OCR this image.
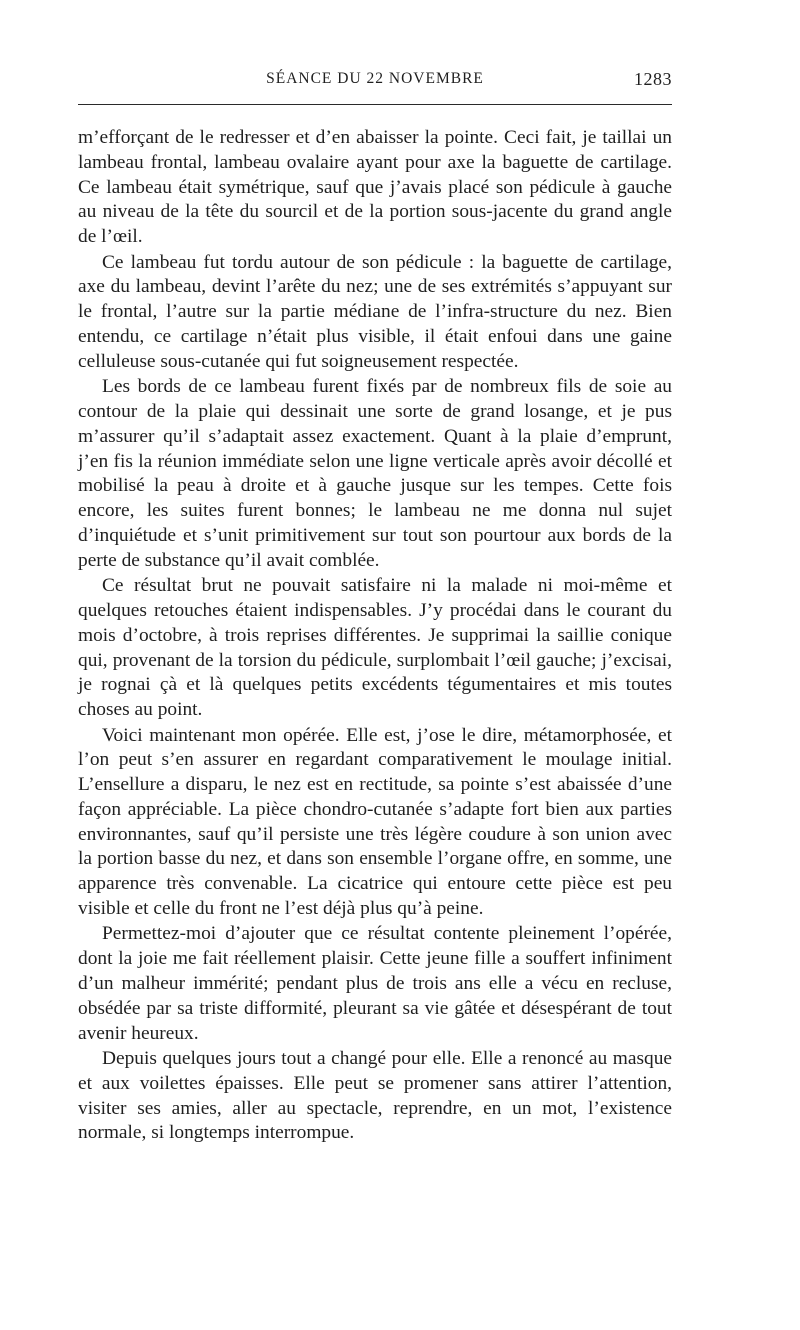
SÉANCE DU 22 NOVEMBRE	1283

m’efforçant de le redresser et d’en abaisser la pointe. Ceci fait, je taillai un lambeau frontal, lambeau ovalaire ayant pour axe la baguette de cartilage. Ce lambeau était symétrique, sauf que j’avais placé son pédicule à gauche au niveau de la tête du sourcil et de la portion sous-jacente du grand angle de l’œil.

Ce lambeau fut tordu autour de son pédicule : la baguette de cartilage, axe du lambeau, devint l’arête du nez; une de ses extrémités s’appuyant sur le frontal, l’autre sur la partie médiane de l’infra-structure du nez. Bien entendu, ce cartilage n’était plus visible, il était enfoui dans une gaine celluleuse sous-cutanée qui fut soigneusement respectée.

Les bords de ce lambeau furent fixés par de nombreux fils de soie au contour de la plaie qui dessinait une sorte de grand losange, et je pus m’assurer qu’il s’adaptait assez exactement. Quant à la plaie d’emprunt, j’en fis la réunion immédiate selon une ligne verticale après avoir décollé et mobilisé la peau à droite et à gauche jusque sur les tempes. Cette fois encore, les suites furent bonnes; le lambeau ne me donna nul sujet d’inquiétude et s’unit primitivement sur tout son pourtour aux bords de la perte de substance qu’il avait comblée.

Ce résultat brut ne pouvait satisfaire ni la malade ni moi-même et quelques retouches étaient indispensables. J’y procédai dans le courant du mois d’octobre, à trois reprises différentes. Je supprimai la saillie conique qui, provenant de la torsion du pédicule, surplombait l’œil gauche; j’excisai, je rognai çà et là quelques petits excédents tégumentaires et mis toutes choses au point.

Voici maintenant mon opérée. Elle est, j’ose le dire, métamorphosée, et l’on peut s’en assurer en regardant comparativement le moulage initial. L’ensellure a disparu, le nez est en rectitude, sa pointe s’est abaissée d’une façon appréciable. La pièce chondro-cutanée s’adapte fort bien aux parties environnantes, sauf qu’il persiste une très légère coudure à son union avec la portion basse du nez, et dans son ensemble l’organe offre, en somme, une apparence très convenable. La cicatrice qui entoure cette pièce est peu visible et celle du front ne l’est déjà plus qu’à peine.

Permettez-moi d’ajouter que ce résultat contente pleinement l’opérée, dont la joie me fait réellement plaisir. Cette jeune fille a souffert infiniment d’un malheur immérité; pendant plus de trois ans elle a vécu en recluse, obsédée par sa triste difformité, pleurant sa vie gâtée et désespérant de tout avenir heureux.

Depuis quelques jours tout a changé pour elle. Elle a renoncé au masque et aux voilettes épaisses. Elle peut se promener sans attirer l’attention, visiter ses amies, aller au spectacle, reprendre, en un mot, l’existence normale, si longtemps interrompue.
